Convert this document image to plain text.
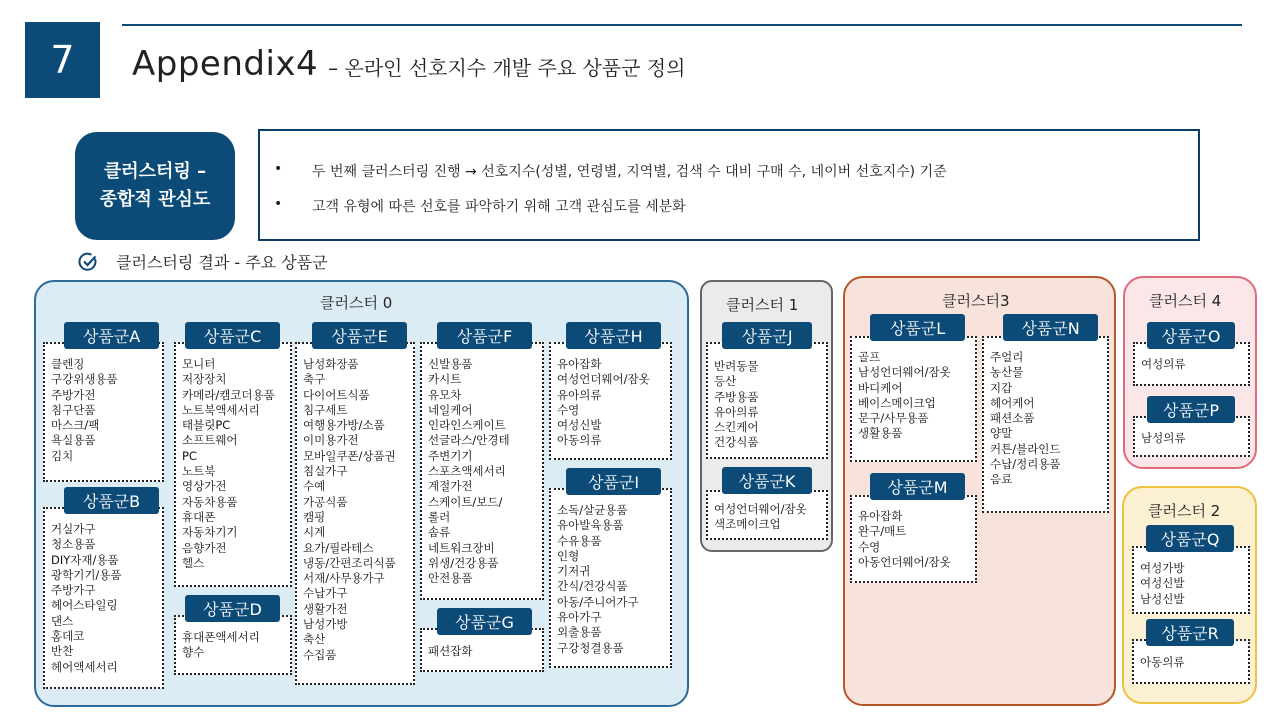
7	Appendix4 – 온라인 선호지수 개발 주요 상품군 정의
클러스터링 –
종합적 관심도
•	두 번째 클러스터링 진행 → 선호지수(성별, 연령별, 지역별, 검색 수 대비 구매 수, 네이버 선호지수) 기준
•	고객 유형에 따른 선호를 파악하기 위해 고객 관심도를 세분화
클러스터링 결과 - 주요 상품군
클러스터 0
상품군A
클렌징
구강위생용품
주방가전
침구단품
마스크/팩
욕실용품
김치
상품군B
거실가구
청소용품
DIY자재/용품
광학기기/용품
주방가구
헤어스타일링
댄스
홈데코
반찬
헤어액세서리
상품군C
모니터
저장장치
카메라/캠코더용품
노트북액세서리
태블릿PC
소프트웨어
PC
노트북
영상가전
자동차용품
휴대폰
자동차기기
음향가전
헬스
상품군D
휴대폰액세서리
향수
상품군E
남성화장품
축구
다이어트식품
침구세트
여행용가방/소품
이미용가전
모바일쿠폰/상품권
침실가구
수예
가공식품
캠핑
시계
요가/필라테스
냉동/간편조리식품
서재/사무용가구
수납가구
생활가전
남성가방
축산
수집품
상품군F
신발용품
카시트
유모차
네일케어
인라인스케이트
선글라스/안경테
주변기기
스포츠액세서리
계절가전
스케이트/보드/
롤러
솜류
네트워크장비
위생/건강용품
안전용품
상품군G
패션잡화
상품군H
유아잡화
여성언더웨어/잠옷
유아의류
수영
여성신발
아동의류
상품군I
소독/살균용품
유아발육용품
수유용품
인형
기저귀
간식/건강식품
아동/주니어가구
유아가구
외출용품
구강청결용품
클러스터 1
상품군J
반려동물
등산
주방용품
유아의류
스킨케어
건강식품
상품군K
여성언더웨어/잠옷
색조메이크업
클러스터3
상품군L
골프
남성언더웨어/잠옷
바디케어
베이스메이크업
문구/사무용품
생활용품
상품군N
주얼리
농산물
지갑
헤어케어
패션소품
양말
커튼/블라인드
수납/정리용품
음료
상품군M
유아잡화
완구/매트
수영
아동언더웨어/잠옷
클러스터 4
상품군O
여성의류
상품군P
남성의류
클러스터 2
상품군Q
여성가방
여성신발
남성신발
상품군R
아동의류
